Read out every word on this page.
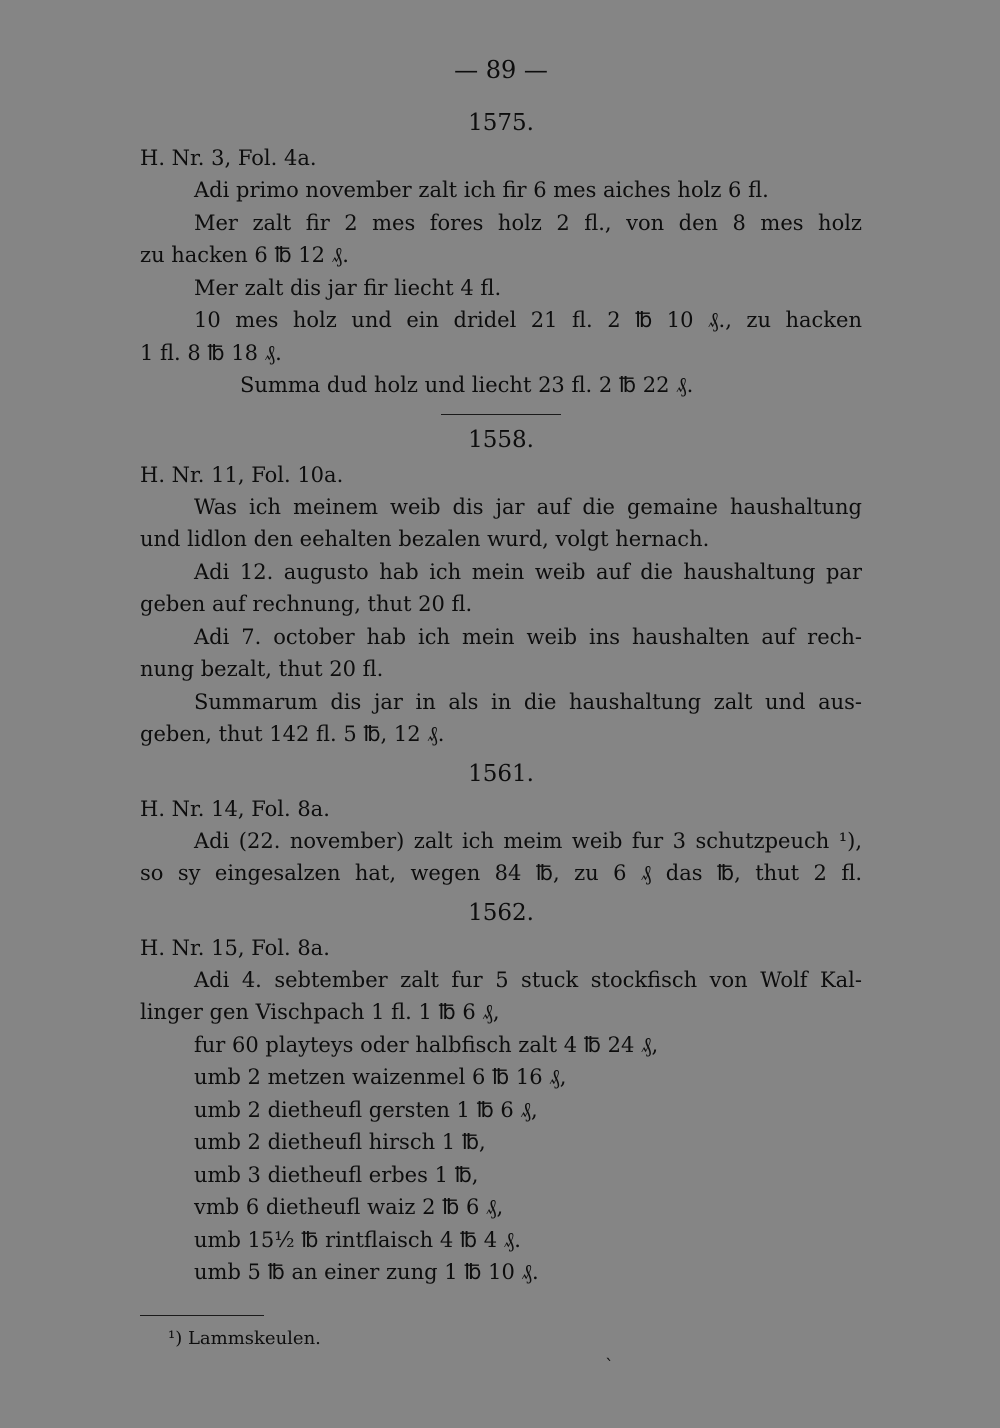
— 89 —
1575.
H. Nr. 3, Fol. 4a.
Adi primo november zalt ich fir 6 mes aiches holz 6 fl.
Mer zalt fir 2 mes fores holz 2 fl., von den 8 mes holz
zu hacken 6 ℔ 12 ₰.
Mer zalt dis jar fir liecht 4 fl.
10 mes holz und ein dridel 21 fl. 2 ℔ 10 ₰., zu hacken
1 fl. 8 ℔ 18 ₰.
Summa dud holz und liecht 23 fl. 2 ℔ 22 ₰.
1558.
H. Nr. 11, Fol. 10a.
Was ich meinem weib dis jar auf die gemaine haushaltung
und lidlon den eehalten bezalen wurd, volgt hernach.
Adi 12. augusto hab ich mein weib auf die haushaltung par
geben auf rechnung, thut 20 fl.
Adi 7. october hab ich mein weib ins haushalten auf rech-
nung bezalt, thut 20 fl.
Summarum dis jar in als in die haushaltung zalt und aus-
geben, thut 142 fl. 5 ℔, 12 ₰.
1561.
H. Nr. 14, Fol. 8a.
Adi (22. november) zalt ich meim weib fur 3 schutzpeuch ¹),
so sy eingesalzen hat, wegen 84 ℔, zu 6 ₰ das ℔, thut 2 fl.
1562.
H. Nr. 15, Fol. 8a.
Adi 4. sebtember zalt fur 5 stuck stockfisch von Wolf Kal-
linger gen Vischpach 1 fl. 1 ℔ 6 ₰,
fur 60 playteys oder halbfisch zalt 4 ℔ 24 ₰,
umb 2 metzen waizenmel 6 ℔ 16 ₰,
umb 2 dietheufl gersten 1 ℔ 6 ₰,
umb 2 dietheufl hirsch 1 ℔,
umb 3 dietheufl erbes 1 ℔,
vmb 6 dietheufl waiz 2 ℔ 6 ₰,
umb 15½ ℔ rintflaisch 4 ℔ 4 ₰.
umb 5 ℔ an einer zung 1 ℔ 10 ₰.
¹) Lammskeulen.
ˋ
